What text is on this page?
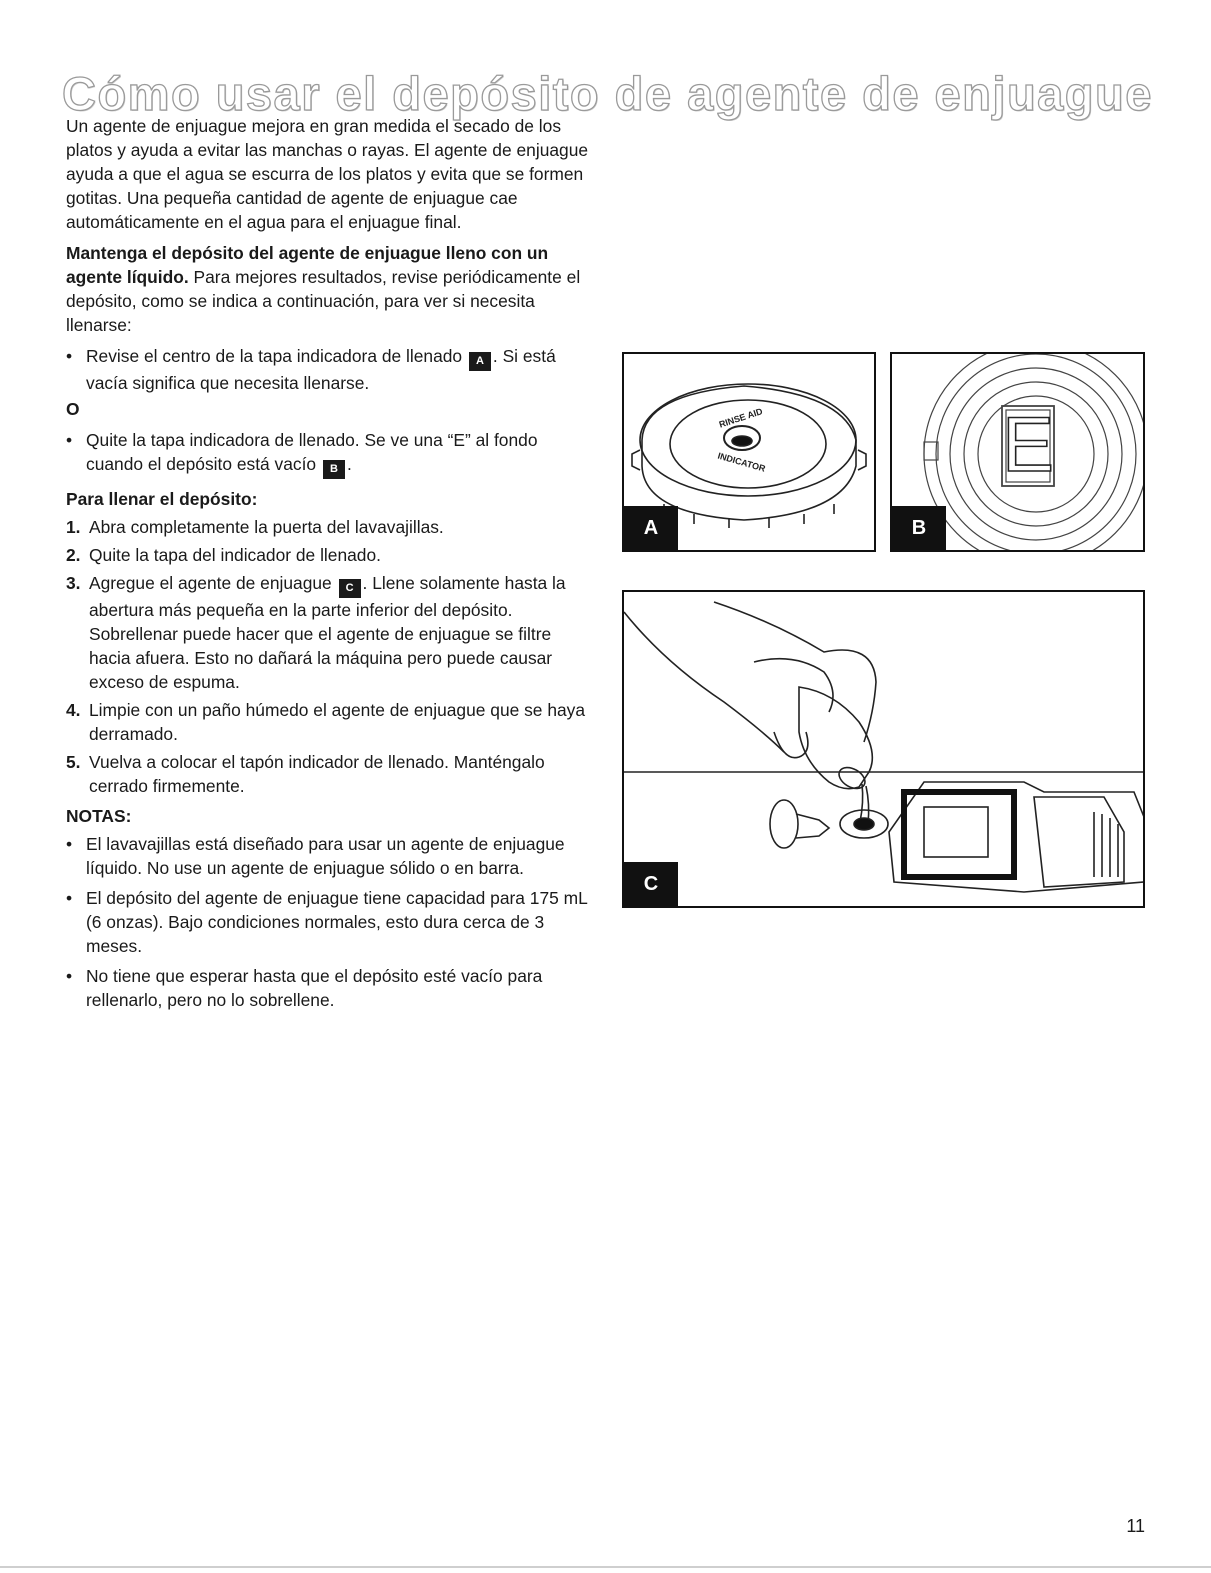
Cómo usar el depósito de agente de enjuague

Un agente de enjuague mejora en gran medida el secado de los platos y ayuda a evitar las manchas o rayas. El agente de enjuague ayuda a que el agua se escurra de los platos y evita que se formen gotitas. Una pequeña cantidad de agente de enjuague cae automáticamente en el agua para el enjuague final.

Mantenga el depósito del agente de enjuague lleno con un agente líquido. Para mejores resultados, revise periódicamente el depósito, como se indica a continuación, para ver si necesita llenarse:

• Revise el centro de la tapa indicadora de llenado A . Si está vacía significa que necesita llenarse.

O

• Quite la tapa indicadora de llenado. Se ve una “E” al fondo cuando el depósito está vacío B .
Para llenar el depósito:
1. Abra completamente la puerta del lavavajillas.
2. Quite la tapa del indicador de llenado.
3. Agregue el agente de enjuague C . Llene solamente hasta la abertura más pequeña en la parte inferior del depósito. Sobrellenar puede hacer que el agente de enjuague se filtre hacia afuera. Esto no dañará la máquina pero puede causar exceso de espuma.
4. Limpie con un paño húmedo el agente de enjuague que se haya derramado.
5. Vuelva a colocar el tapón indicador de llenado. Manténgalo cerrado firmemente.
NOTAS:
• El lavavajillas está diseñado para usar un agente de enjuague líquido. No use un agente de enjuague sólido o en barra.
• El depósito del agente de enjuague tiene capacidad para 175 mL (6 onzas). Bajo condiciones normales, esto dura cerca de 3 meses.
• No tiene que esperar hasta que el depósito esté vacío para rellenarlo, pero no lo sobrellene.
RINSE AID
INDICATOR
A
E
B
C
11
